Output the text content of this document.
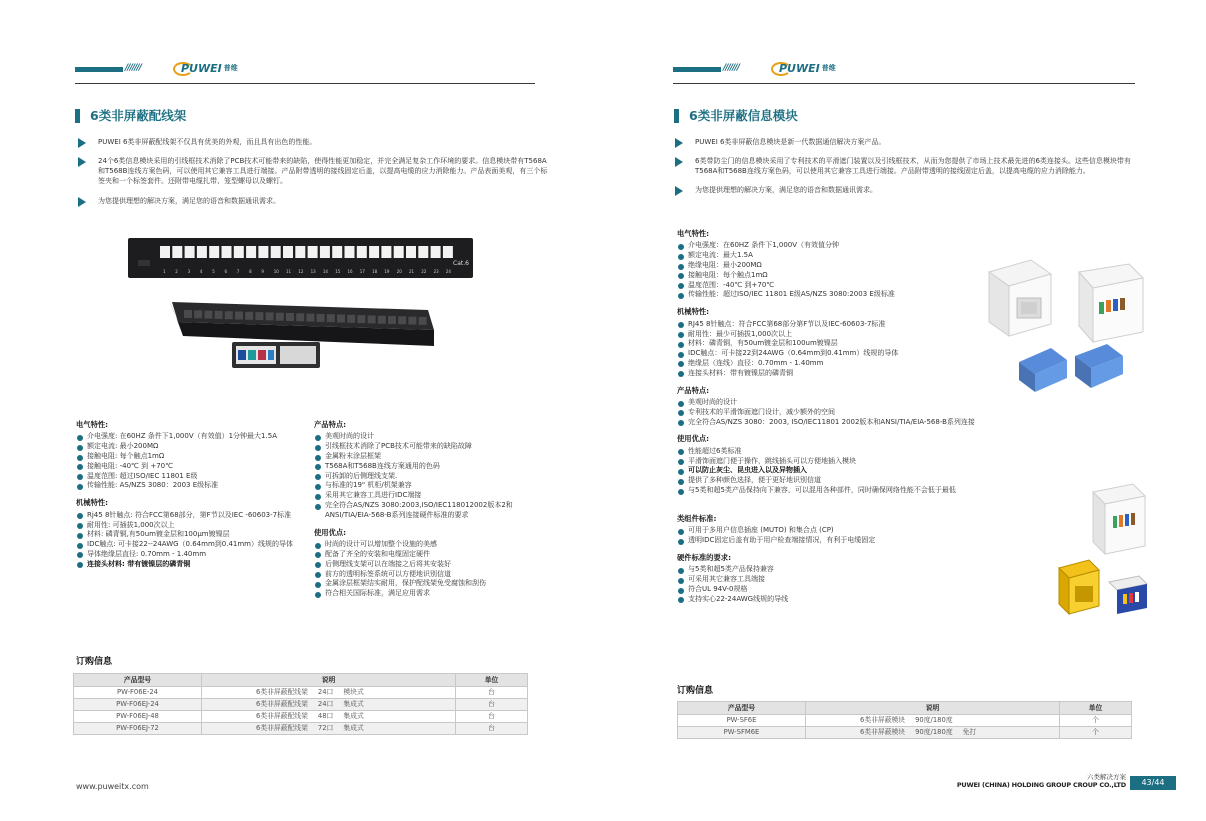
///////	PUWEI 普维
6类非屏蔽配线架
PUWEI 6类非屏蔽配线架不仅具有优美的外观，而且具有出色的性能。
24个6类信息模块采用的引线框技术消除了PCB技术可能带来的缺陷，使得性能更加稳定，并完全满足复杂工作环境的要求。信息模块带有T568A和T568B连线方案色码，可以使用其它兼容工具进行端接。产品附带透明的接线固定后盖，以提高电缆的应力消除能力。产品表面美观，有三个标签夹和一个标签套件。还附带电缆扎带、笼型螺母以及螺钉。
为您提供理想的解决方案，满足您的语音和数据通讯需求。
1 2 3 4 5 6 7 8 9 10 11 12 13 14 15 16 17 18 19 20 21 22 23 24
Cat.6
电气特性:
介电强度: 在60HZ 条件下1,000V（有效值）1分钟最大1.5A
额定电流: 最小200MΩ
接触电阻: 每个触点1mΩ
接触电阻: -40℃ 到 +70℃
温度范围: 超过ISO/IEC 11801 E级
传输性能: AS/NZS 3080：2003 E级标准
机械特性:
Rj45 8针触点: 符合FCC第68部分，第F节以及IEC -60603-7标准
耐用性: 可插拔1,000次以上
材料: 磷青铜,有50um镀金层和100μm镀镍层
IDC触点: 可卡接22--24AWG（0.64mm到0.41mm）线规的导体
导体绝缘层直径: 0.70mm - 1.40mm
连接头材料: 带有镀镍层的磷青铜
产品特点:
美观时尚的设计
引线框技术消除了PCB技术可能带来的缺陷故障
金属粉末涂层框架
T568A和T568B连线方案通用的色码
可拆卸的后侧理线支架.
与标准的19" 机柜/机架兼容
采用其它兼容工具进行IDC端接
完全符合AS/NZS 3080:2003,ISO/IEC118012002版本2和ANSI/TIA/EIA-568-B系列连接硬件标准的要求
使用优点:
时尚的设计可以增加整个设施的美感
配备了齐全的安装和电缆固定硬件
后侧理线支架可以在端接之后将其安装好
前方的透明标签系统可以方便地识别信道
金属涂层框架结实耐用，保护配线架免受腐蚀和刮伤
符合相关国际标准，满足应用需求
订购信息
产品型号	说明	单位
PW-F06E-24	6类非屏蔽配线架 24口 模块式	台
PW-F06EJ-24	6类非屏蔽配线架 24口 集成式	台
PW-F06EJ-48	6类非屏蔽配线架 48口 集成式	台
PW-F06EJ-72	6类非屏蔽配线架 72口 集成式	台
www.puweitx.com
///////	PUWEI 普维
6类非屏蔽信息模块
PUWEI 6类非屏蔽信息模块是新一代数据通信解决方案产品。
6类带防尘门的信息模块采用了专利技术的平滑遮门装置以及引线框技术，从而为您提供了市场上技术最先进的6类连接头。这些信息模块带有T568A和T568B连线方案色码，可以使用其它兼容工具进行端接。产品附带透明的接线固定后盖，以提高电缆的应力消除能力。
为您提供理想的解决方案，满足您的语音和数据通讯需求。
电气特性:
介电强度：在60HZ 条件下1,000V（有效值分钟
额定电流：最大1.5A
绝缘电阻：最小200MΩ
接触电阻：每个触点1mΩ
温度范围：-40℃ 到+70℃
传输性能：超过ISO/IEC 11801 E级AS/NZS 3080:2003 E级标准
机械特性:
RJ45 8针触点：符合FCC第68部分第F节以及IEC-60603-7标准
耐用性：最少可插拔1,000次以上
材料：磷青铜，有50um镀金层和100um镀镍层
IDC触点：可卡接22到24AWG（0.64mm到0.41mm）线规的导体
绝缘层（连线）直径：0.70mm - 1.40mm
连接头材料：带有镀镍层的磷青铜
产品特点:
美观时尚的设计
专利技术的平滑饰面遮门设计，减少额外的空间
完全符合AS/NZS 3080：2003, ISO/IEC11801 2002版本和ANSI/TIA/EIA-568-B系列连接
使用优点:
性能超过6类标准
平滑饰面遮门便于操作，跳线插头可以方便地插入模块
可以防止灰尘、昆虫进入以及异物插入
提供了多种颜色选择，便于更好地识别信道
与5类和超5类产品保持向下兼容，可以混用各种部件，同时确保网络性能不会低于最低
类组件标准:
可用于多用户信息插座 (MUTO) 和集合点 (CP)
透明IDC固定后盖有助于用户检查端接情况，有利于电缆固定
硬件标准的要求:
与5类和超5类产品保持兼容
可采用其它兼容工具端接
符合UL 94V-0规格
支持实心22-24AWG线规的导线
订购信息
产品型号	说明	单位
PW-SF6E	6类非屏蔽模块 90度/180度	个
PW-SFM6E	6类非屏蔽模块 90度/180度 免打	个
六类解决方案
PUWEI (CHINA) HOLDING GROUP CROUP CO.,LTD	43/44
